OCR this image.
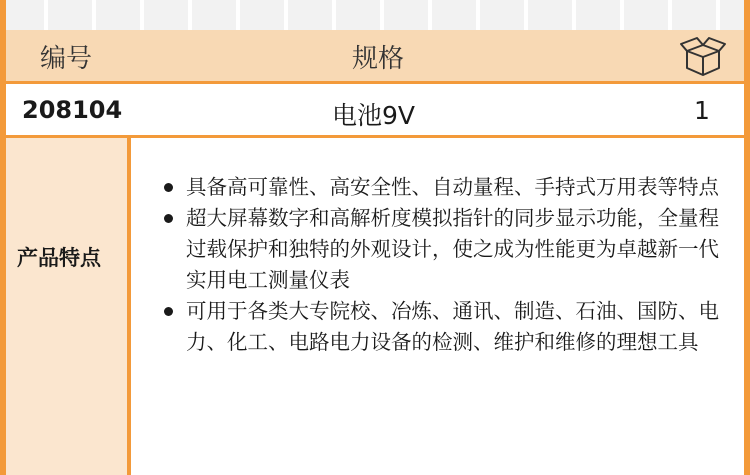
编号	规格
208104	电池9V	1
产品特点
具备高可靠性、高安全性、自动量程、手持式万用表等特点
超大屏幕数字和高解析度模拟指针的同步显示功能，全量程过载保护和独特的外观设计，使之成为性能更为卓越新一代实用电工测量仪表
可用于各类大专院校、冶炼、通讯、制造、石油、国防、电力、化工、电路电力设备的检测、维护和维修的理想工具
